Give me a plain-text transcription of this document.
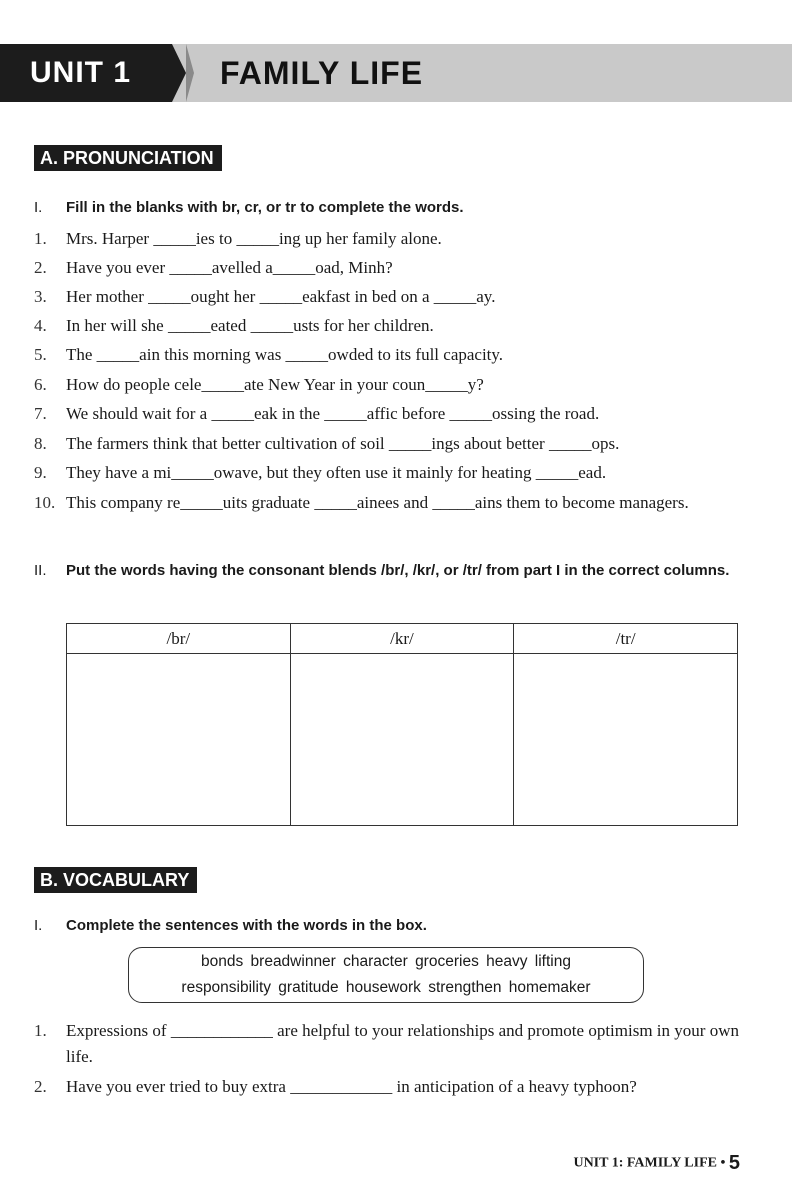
UNIT 1	FAMILY LIFE
A. PRONUNCIATION
I.	Fill in the blanks with br, cr, or tr to complete the words.
1.	Mrs. Harper _____ies to _____ing up her family alone.
2.	Have you ever _____avelled a_____oad, Minh?
3.	Her mother _____ought her _____eakfast in bed on a _____ay.
4.	In her will she _____eated _____usts for her children.
5.	The _____ain this morning was _____owded to its full capacity.
6.	How do people cele_____ate New Year in your coun_____y?
7.	We should wait for a _____eak in the _____affic before _____ossing the road.
8.	The farmers think that better cultivation of soil _____ings about better _____ops.
9.	They have a mi_____owave, but they often use it mainly for heating _____ead.
10. This company re_____uits graduate _____ainees and _____ains them to become managers.
II.	Put the words having the consonant blends /br/, /kr/, or /tr/ from part I in the correct columns.
/br/	/kr/	/tr/

B. VOCABULARY
I.	Complete the sentences with the words in the box.
bonds breadwinner character groceries heavy lifting
responsibility gratitude housework strengthen homemaker
1.	Expressions of ____________ are helpful to your relationships and promote optimism in your own life.
2.	Have you ever tried to buy extra ____________ in anticipation of a heavy typhoon?
UNIT 1: FAMILY LIFE • 5
